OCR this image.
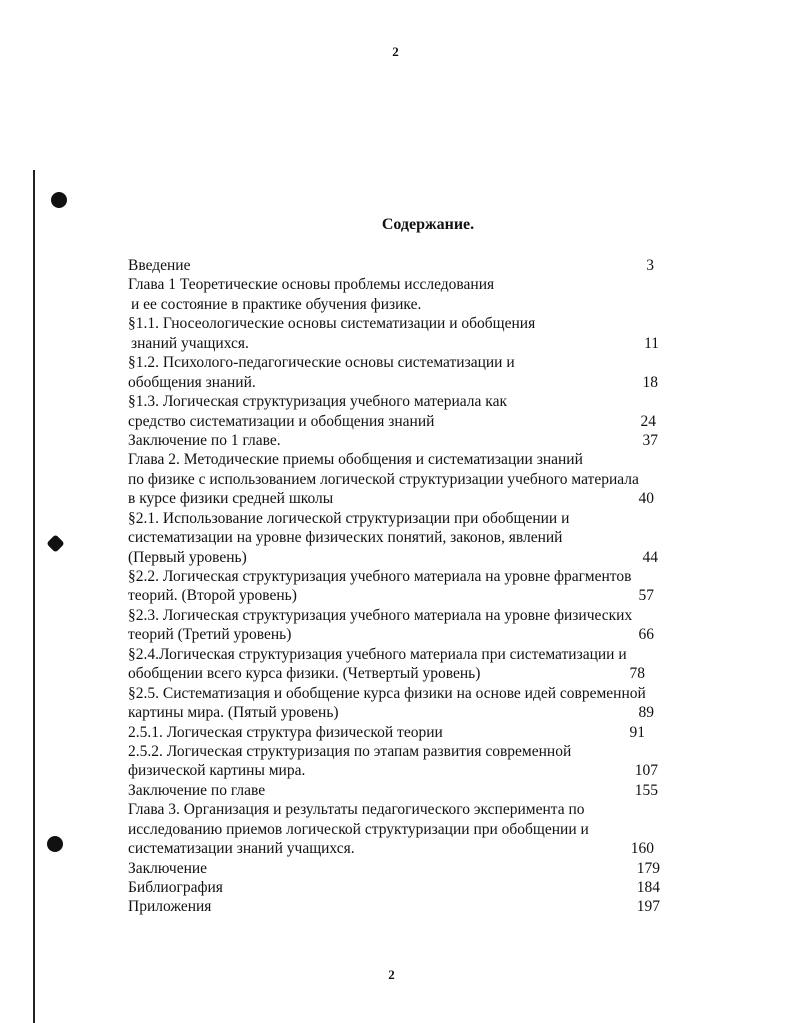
2
Содержание.
Введение	3
Глава 1 Теоретические основы проблемы исследования
и ее состояние в практике обучения физике.
§1.1. Гносеологические основы систематизации и обобщения
знаний учащихся.	11
§1.2. Психолого-педагогические основы систематизации и
обобщения знаний.	18
§1.3. Логическая структуризация учебного материала как
средство систематизации и обобщения знаний	24
Заключение по 1 главе.	37
Глава 2. Методические приемы обобщения и систематизации знаний
по физике с использованием логической структуризации учебного материала
в курсе физики средней школы	40
§2.1. Использование логической структуризации при обобщении и
систематизации на уровне физических понятий, законов, явлений
(Первый уровень)	44
§2.2. Логическая структуризация учебного материала на уровне фрагментов
теорий. (Второй уровень)	57
§2.3. Логическая структуризация учебного материала на уровне физических
теорий (Третий уровень)	66
§2.4.Логическая структуризация учебного материала при систематизации и
обобщении всего курса физики. (Четвертый уровень)	78
§2.5. Систематизация и обобщение курса физики на основе идей современной
картины мира. (Пятый уровень)	89
2.5.1. Логическая структура физической теории	91
2.5.2. Логическая структуризация по этапам развития современной
физической картины мира.	107
Заключение по главе	155
Глава 3. Организация и результаты педагогического эксперимента по
исследованию приемов логической структуризации при обобщении и
систематизации знаний учащихся.	160
Заключение	179
Библиография	184
Приложения	197
2
